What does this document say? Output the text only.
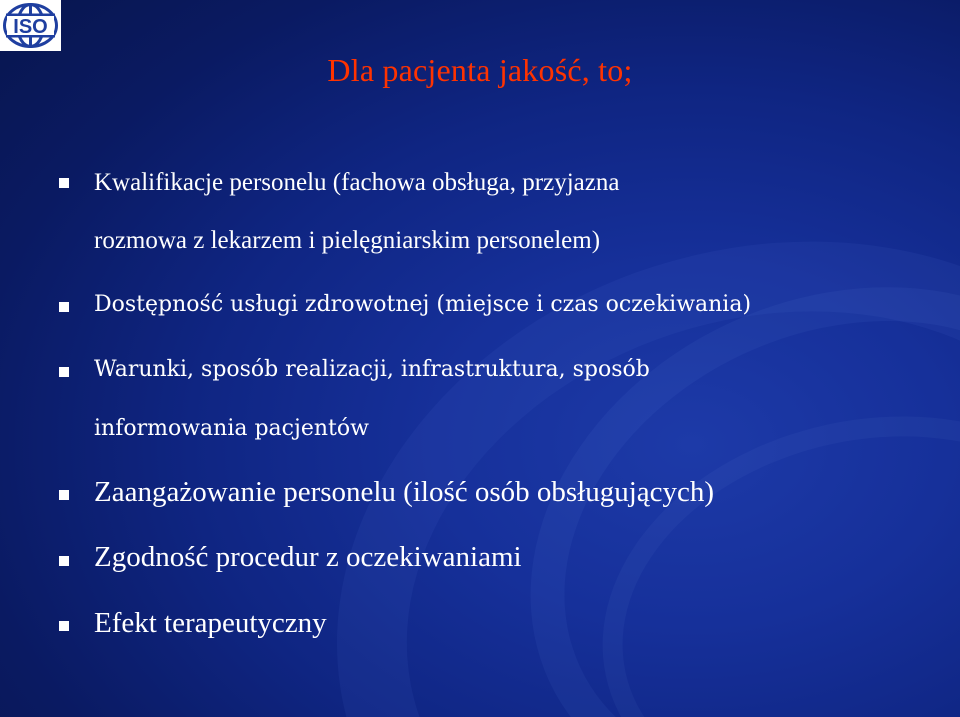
ISO
Dla pacjenta jakość, to;
Kwalifikacje personelu (fachowa obsługa, przyjazna
rozmowa z lekarzem i pielęgniarskim personelem)
Dostępność usługi zdrowotnej (miejsce i czas oczekiwania)
Warunki, sposób realizacji, infrastruktura, sposób
informowania pacjentów
Zaangażowanie personelu (ilość osób obsługujących)
Zgodność procedur z oczekiwaniami
Efekt terapeutyczny
